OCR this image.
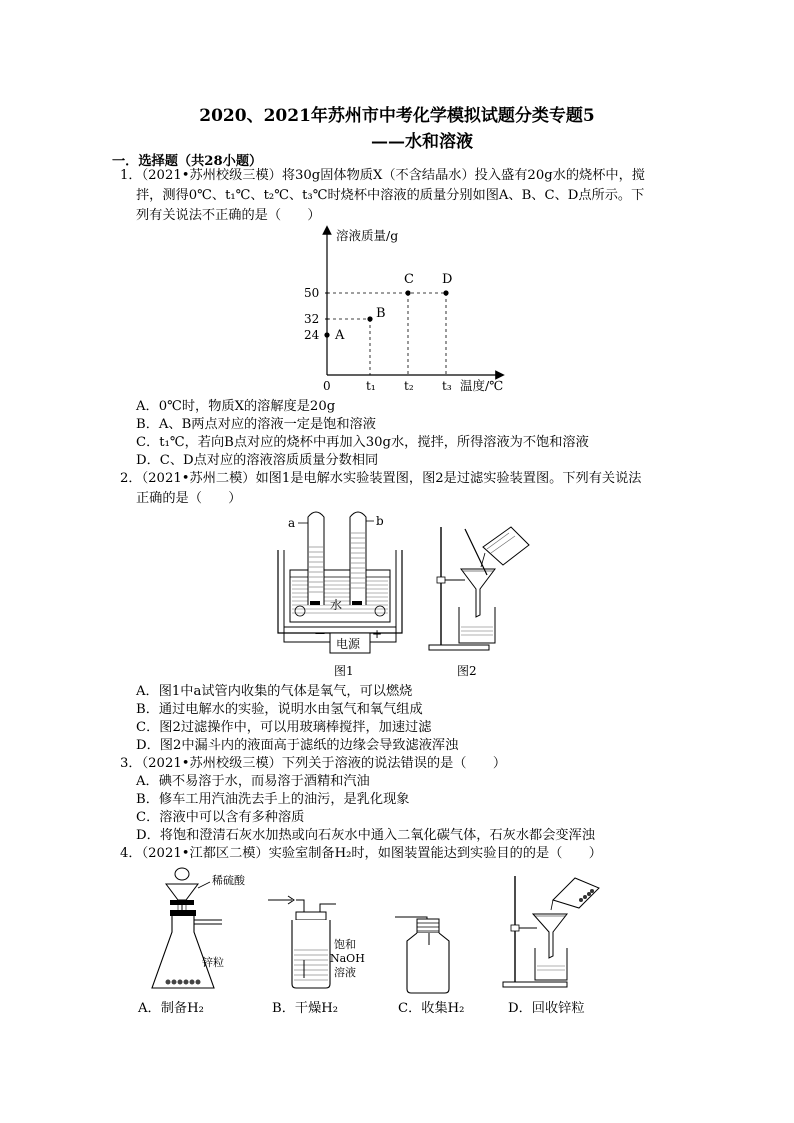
2020、2021年苏州市中考化学模拟试题分类专题5
——水和溶液
一．选择题（共28小题）
1．（2021•苏州校级三模）将30g固体物质X（不含结晶水）投入盛有20g水的烧杯中，搅
拌，测得0℃、t₁℃、t₂℃、t₃℃时烧杯中溶液的质量分别如图A、B、C、D点所示。下
列有关说法不正确的是（　　）
溶液质量/g
温度/℃
0
24
32
50
t₁ t₂ t₃
A
B
C D
A．0℃时，物质X的溶解度是20g
B．A、B两点对应的溶液一定是饱和溶液
C．t₁℃，若向B点对应的烧杯中再加入30g水，搅拌，所得溶液为不饱和溶液
D．C、D点对应的溶液溶质质量分数相同
2．（2021•苏州二模）如图1是电解水实验装置图，图2是过滤实验装置图。下列有关说法
正确的是（　　）
水
a	b
－	+
电源
图1	图2
A．图1中a试管内收集的气体是氧气，可以燃烧
B．通过电解水的实验，说明水由氢气和氧气组成
C．图2过滤操作中，可以用玻璃棒搅拌，加速过滤
D．图2中漏斗内的液面高于滤纸的边缘会导致滤液浑浊
3．（2021•苏州校级三模）下列关于溶液的说法错误的是（　　）
A．碘不易溶于水，而易溶于酒精和汽油
B．修车工用汽油洗去手上的油污，是乳化现象
C．溶液中可以含有多种溶质
D．将饱和澄清石灰水加热或向石灰水中通入二氧化碳气体，石灰水都会变浑浊
4．（2021•江都区二模）实验室制备H₂时，如图装置能达到实验目的的是（　　）
稀硫酸
锌粒
饱和
NaOH
溶液
A．制备H₂	B．干燥H₂	C．收集H₂	D．回收锌粒
